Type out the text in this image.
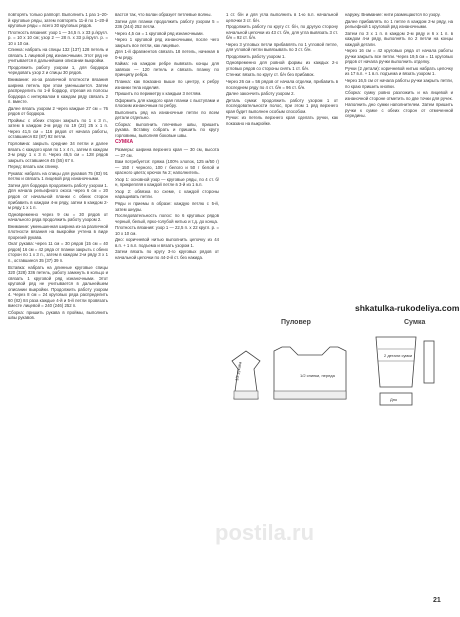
повторять только раппорт. Выполнить 1 раз 1–20-й круговые ряды, затем повторять 11-й по 1–20-й круговые ряды = всего 30 круговых рядов.

Плотность вязания: узор 1 — 34,5 п. x 33 р./кругл. р. = 10 x 10 см; узор 2 — 28 п. x 33 р./кругл. р. = 10 x 10 см.

Спинка: набрать на спицы 132 (137) 128 петель и связать 1 лицевой ряд изнаночными. Этот ряд не учитывается в дальнейшем описании выкройки.

Продолжить работу узором 1, для бордюра чередовать узор 2 и спицы 30 рядов.

Внимание: из-за различной плотности вязания ширина петель при этом уменьшается. Затем распределить по 1-й бордюр, отрезая из полосы бордюра с интервалом в каждом ряду связать 2 п. вместе.

Далее вязать узором 2 через каждые 27 см = 76 рядов от бордюра.

Проймы: с обеих сторон закрыть по 1 х 3 п., затем в каждом 2-м ряду по 19 (22) 25 х 1 п. Через 41,5 см = 116 рядов от начала работы, оставшиеся 82 (87) 92 петли.

Горловина: закрыть средние 34 петли и далее вязать с каждого края по 1 х 4 п., затем в каждом 2-м ряду 1 х 3 п. Через 45,5 см = 128 рядов закрыть оставшиеся 45 (55) 67 п.

Перед: вязать как спинку.

Рукава: набрать на спицы для рукавов 75 (83) 91 петлю и связать 1 лицевой ряд изнаночными.

Затем для бордюра продолжить работу узором 1. Для начала рельефного окоса через 6 см = 20 рядов от начальной планки с обеих сторон прибавить в каждом 4-м ряду, затем в каждом 2-м ряду 1 х 1 п.

Одновременно через 9 см = 30 рядов от начального ряда продолжить работу узором 2.

Внимание: уменьшенная ширина из-за различной плотности вязания на выкройке учтена в виде прорезей рукава.

Окат рукава: через 11 см = 30 рядов (15 см = 40 рядов) 16 см = 42 ряда от планки закрыть с обеих сторон по 1 х 3 п., затем в каждом 2-м ряду 3 х 1 п., оставшиеся 35 (37) 39 п.

Вставка: набрать на длинные круговые спицы 320 (328) 336 петель, работу замкнуть в кольцо и связать 1 круговой ряд изнаночными. Этот круговой ряд не учитывается в дальнейшем описании выкройки. Продолжить работу узором 4. Через 8 см = 24 круговых ряда распределить 60 (82) 84 раза каждые 4-й и 5-й петли провязать вместе лицевой = 240 (246) 252 п.

Сборка: пришить рукава в проймы, выполнить швы рукавов.

вастся так, что волан образует петлевые волны.

Затем для планки продолжить работу узором 5 = 236 (244) 252 петли.

Через 4,5 см = 1 круговой ряд изнаночными.

Через 1 круговой ряд изнаночными, после чего закрыть все петли, как лицевые.

Для 1-й фрагментов связать 18 петель, начиная в 0-м ряду.

Кайма: на каждом ребре вывязать концы для завязок — 120 петель и связать планку по принципу ребра.

Планка: как показано выше по центру, к ребру изнанки тела изделия.

Пришить по периметру к каждым 3 петлям.

Оформить для каждого края планки с выступами и плоским изнаночным по ребру.

Выполнить ряд на изнаночные петли по всем детали отдельно.

Сборка: выполнить плечевые швы, пришить рукава. Вставку собрать и пришить по кругу горловины, выполняя боковые швы.

СУМКА

Размеры: ширина верхнего края — 30 см, высота — 27 см.

Вам потребуется: пряжа (100% хлопок, 125 м/50 г) — 150 г черного, 100 г белого и 50 г белой и красного цвета; крючок № 2; наполнитель.

Узор 1: основной узор — круговые ряды, по 4 ст. б/н, прикрепляя к каждой петле в 3-й из 1 в.п.

Узор 2: обвязка по схеме, с каждой стороны наращивать петли.

Ряды и приемы в образе: каждую петлю с 5-й, затем шнуры.

Последовательность полос: по 6 круговых рядов черный, белый, ярко-голубой нитью и т.д. до конца.

Плотность вязания: узор 1 — 22,5 п. x 22 кругл. р. = 10 x 10 см.

Дно: коричневой нитью выполнить цепочку из 44 в.п. + 1 в.п. подъема и вязать узором 1.

Затем вязать по кругу 3-го круговых рядов от начальной цепочки по 44-2-й ст. без накида.

1 ст. б/н и для угла выполнить в 1-ю в.п. начальной цепочки 3 ст. б/н.

Продолжить работу по кругу ст. б/н, по другую сторону начальной цепочки из 43 ст. б/н, для угла вывязать 3 ст. б/н = 92 ст. б/н.

Через 3 угловых петли прибавлять по 1 угловой петле, для угловой петли вывязывать по 3 ст. б/н.

Продолжить работу узором 1.

Одновременно для ровной формы из каждых 2-х угловых рядов со стороны снять 1 ст. б/н.

Стенки: вязать по кругу ст. б/н без прибавок.

Через 26 см = 56 рядов от начала отделки, прибавить в последнем ряду по 4 ст. б/н = 96 ст. б/н.

Далее закончить работу узором 2.

Деталь сумки: продолжить работу узором 1 от последовательности полос, при этом 1 ряд верхнего края будет выполнен особым способом.

Ручки: из петель верхнего края сделать ручки, как показано на выкройке.

наружу. Внимание: нити размещаются по узору.

Далее прибавлять по 1 петле в каждом 2-м ряду, на рельефной 1 круговой ряд изнаночными.

Затем по 3 х 1 п. в каждом 2-м ряду и 6 х 1 п. в каждом 4-м ряду, выполнять по 2 петли на концы каждой детали.

Через 16 см = 42 круговых ряда от начала работы ручки закрыть все петли. Через 19,5 см = 11 круговых рядов от начала ручки выполнить отделку.

Ручки (2 детали): коричневой нитью набрать цепочку из 17 в.п. + 1 в.п. подъема и вязать узором 1.

Через 16,5 см от начала работы ручки закрыть петли, по краю пришить кнопки.

Сборка: сумку ровно разложить и на лицевой и изнаночной стороне отметить по две точки для ручек.

Наполнить дно сумки наполнителем. Затем пришить ручки к сумке с обеих сторон от отмеченной середины.

shkatulka-rukodeliya.com
Пуловер	Сумка
1/2 рукава	1/2 спинки, переда
2 детали сумки
Дно
postila.ru
21
